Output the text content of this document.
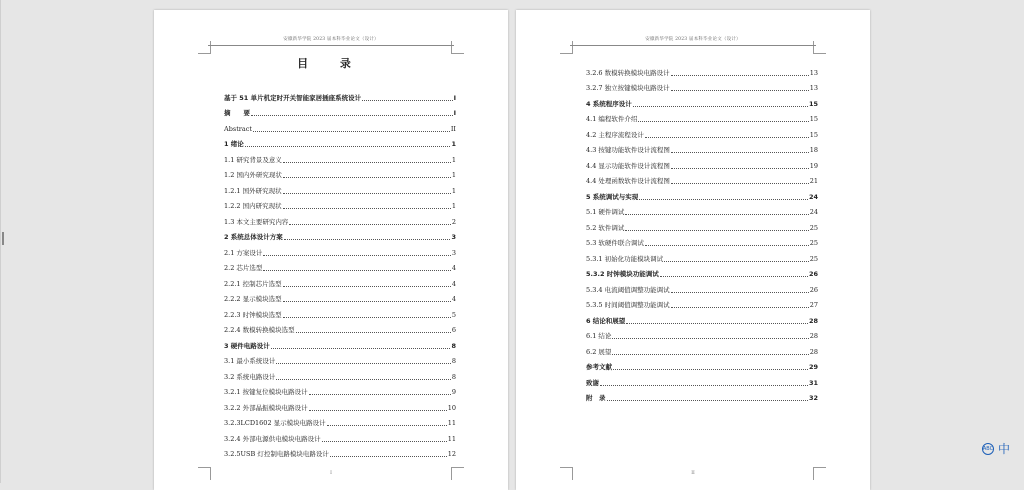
安徽新华学院 2023 届本科毕业论文（设计）
目 录
基于 51 单片机定时开关智能家居插座系统设计	I
摘　　要	I
Abstract	II
1 绪论	1
1.1 研究背景及意义	1
1.2 国内外研究现状	1
1.2.1 国外研究现状	1
1.2.2 国内研究现状	1
1.3 本文主要研究内容	2
2 系统总体设计方案	3
2.1 方案设计	3
2.2 芯片选型	4
2.2.1 控制芯片选型	4
2.2.2 显示模块选型	4
2.2.3 时钟模块选型	5
2.2.4 数模转换模块选型	6
3 硬件电路设计	8
3.1 最小系统设计	8
3.2 系统电路设计	8
3.2.1 按键复位模块电路设计	9
3.2.2 外部晶振模块电路设计	10
3.2.3LCD1602 显示模块电路设计	11
3.2.4 外部电源供电模块电路设计	11
3.2.5USB 灯控制电路模块电路设计	12
I
安徽新华学院 2023 届本科毕业论文（设计）
3.2.6 数模转换模块电路设计	13
3.2.7 独立按键模块电路设计	13
4 系统程序设计	15
4.1 编程软件介绍	15
4.2 主程序流程设计	15
4.3 按键功能软件设计流程图	18
4.4 显示功能软件设计流程图	19
4.4 处理函数软件设计流程图	21
5 系统调试与实现	24
5.1 硬件调试	24
5.2 软件调试	25
5.3 软硬件联合调试	25
5.3.1 初始化功能模块调试	25
5.3.2 时钟模块功能调试	26
5.3.4 电流阈值调整功能调试	26
5.3.5 时间阈值调整功能调试	27
6 结论和展望	28
6.1 结论	28
6.2 展望	28
参考文献	29
致谢	31
附　录	32
II
ABC 中
